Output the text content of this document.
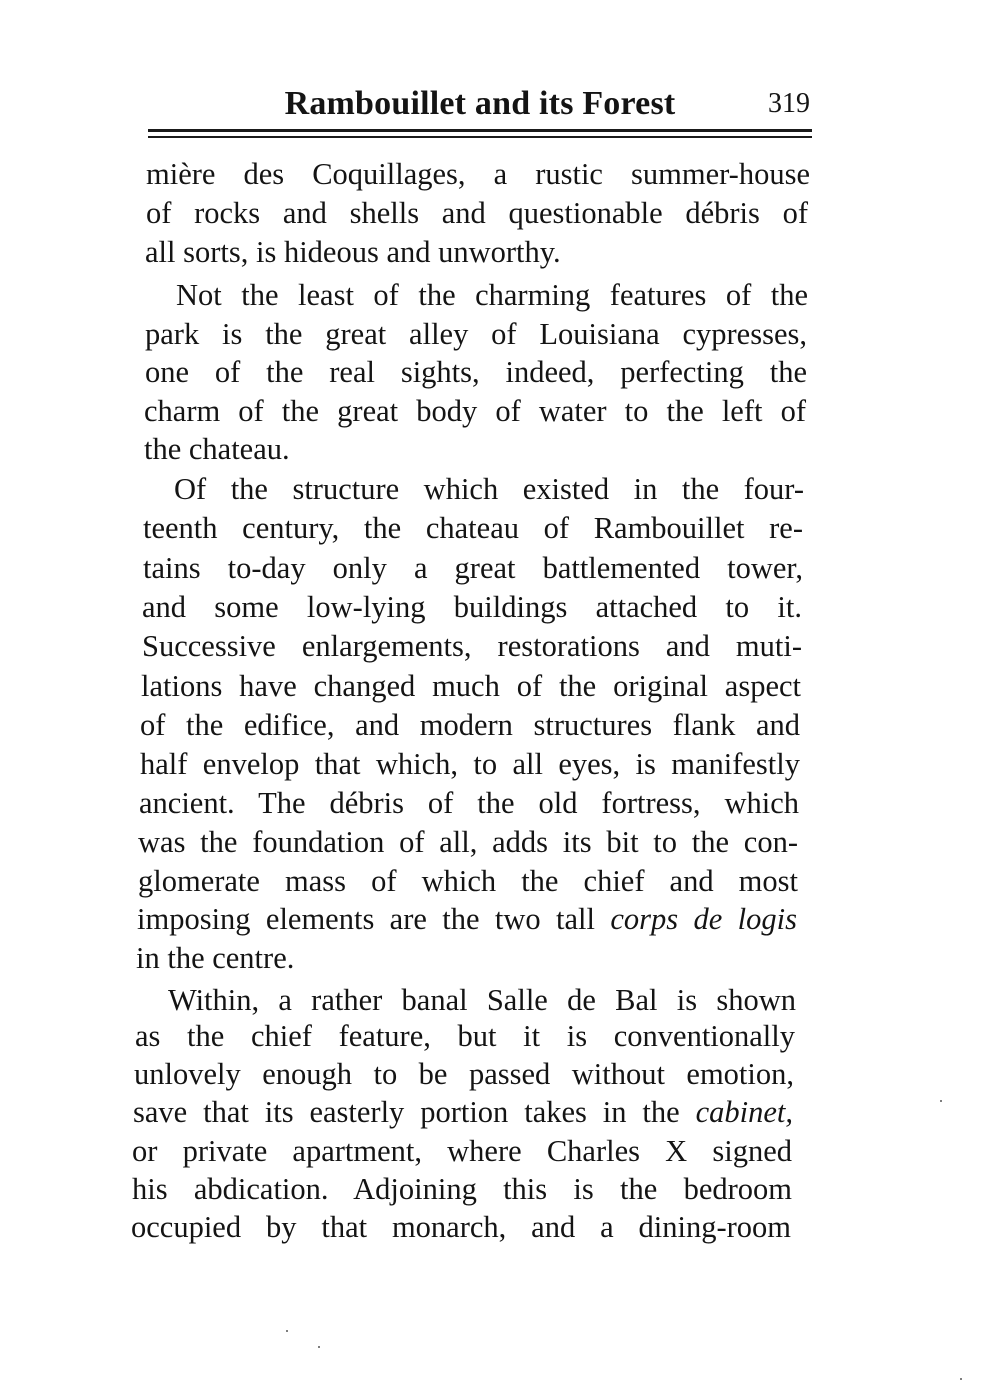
Rambouillet and its Forest	319
mière des Coquillages, a rustic summer-house
of rocks and shells and questionable débris of
all sorts, is hideous and unworthy.
Not the least of the charming features of the
park is the great alley of Louisiana cypresses,
one of the real sights, indeed, perfecting the
charm of the great body of water to the left of
the chateau.
Of the structure which existed in the four-
teenth century, the chateau of Rambouillet re-
tains to-day only a great battlemented tower,
and some low-lying buildings attached to it.
Successive enlargements, restorations and muti-
lations have changed much of the original aspect
of the edifice, and modern structures flank and
half envelop that which, to all eyes, is manifestly
ancient. The débris of the old fortress, which
was the foundation of all, adds its bit to the con-
glomerate mass of which the chief and most
imposing elements are the two tall corps de logis
in the centre.
Within, a rather banal Salle de Bal is shown
as the chief feature, but it is conventionally
unlovely enough to be passed without emotion,
save that its easterly portion takes in the cabinet,
or private apartment, where Charles X signed
his abdication. Adjoining this is the bedroom
occupied by that monarch, and a dining-room
